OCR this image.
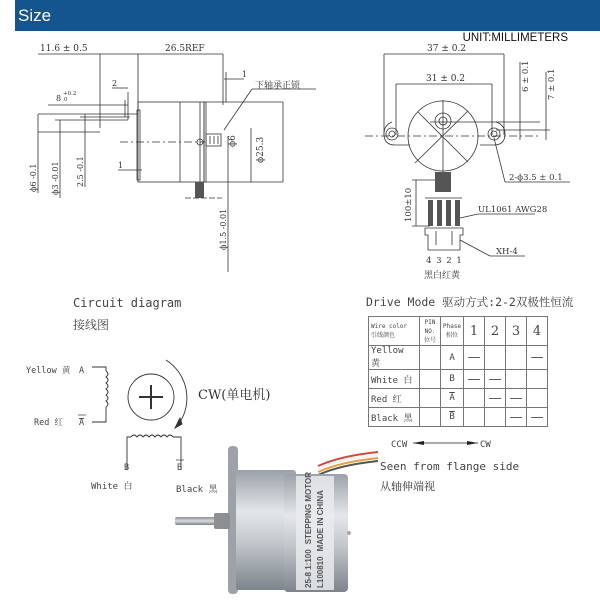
Size
UNIT:MILLIMETERS
11.6 ± 0.5	26.5REF
2
8 +0.2
0
1
1
下轴承正锁
ϕ6 ϕ25.3
ϕ6 -0.1 ϕ3 -0.01 2.5 -0.1
ϕ1.5 -0.01
37 ± 0.2
31 ± 0.2	6 ± 0.1 7 ± 0.1
2-ϕ3.5 ± 0.1
100±10	UL1061 AWG28
XH-4
4 3 2 1
黑白红黄
Yellow 黄 A
Red 红 A
B	B
White 白	Black 黑
CW(单电机)
CCW	CW
Seen from flange side
从轴伸端视
25-8 1:100STEPPING MOTOR
L100810MADE IN CHINA
Circuit diagram
接线图
Drive Mode 驱动方式:2-2双极性恒流
Wire color
引线颜色	PIN NO.
位号	Phase
相位	1	2	3	4
Yellow 黄		A	—			—
White 白		B	—	—		
Red 红		$\overline{A}$		—	—	
Black 黑		$\overline{B}$			—	—
